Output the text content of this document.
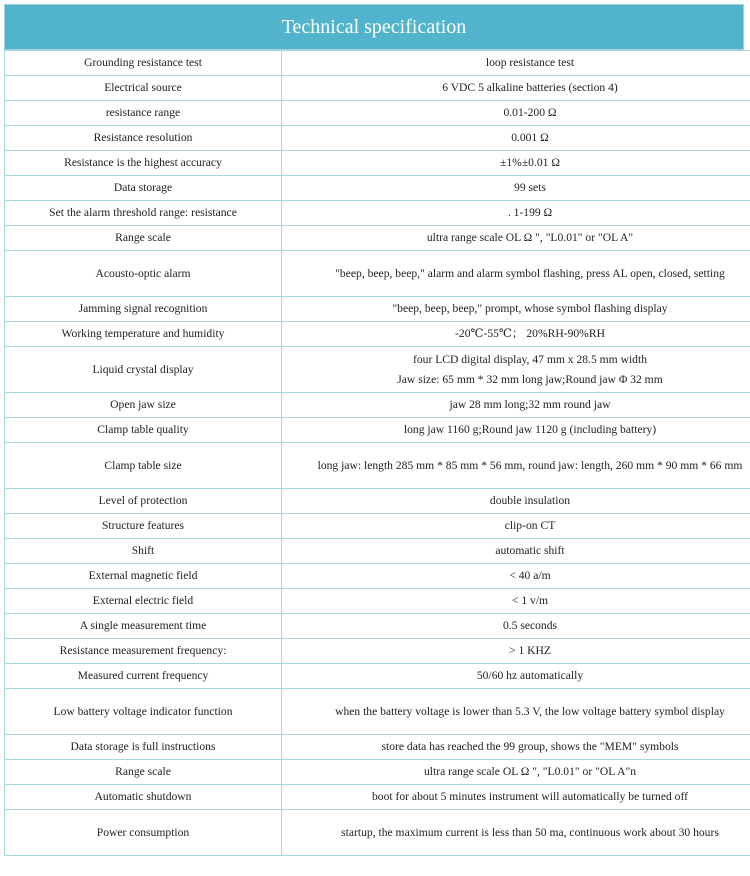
Technical specification
Grounding resistance test	loop resistance test
Electrical source	6 VDC 5 alkaline batteries (section 4)
resistance range	0.01-200 Ω
Resistance resolution	0.001 Ω
Resistance is the highest accuracy	±1%±0.01 Ω
Data storage	99 sets
Set the alarm threshold range: resistance	. 1-199 Ω
Range scale	ultra range scale OL Ω ", "L0.01" or "OL A"
Acousto-optic alarm	"beep, beep, beep," alarm and alarm symbol flashing, press AL open, closed, setting
Jamming signal recognition	"beep, beep, beep," prompt, whose symbol flashing display
Working temperature and humidity	-20℃-55℃； 20%RH-90%RH
Liquid crystal display	four LCD digital display, 47 mm x 28.5 mm width
Jaw size: 65 mm * 32 mm long jaw;Round jaw Φ 32 mm
Open jaw size	jaw 28 mm long;32 mm round jaw
Clamp table quality	long jaw 1160 g;Round jaw 1120 g (including battery)
Clamp table size	long jaw: length 285 mm * 85 mm * 56 mm, round jaw: length, 260 mm * 90 mm * 66 mm
Level of protection	double insulation
Structure features	clip-on CT
Shift	automatic shift
External magnetic field	< 40 a/m
External electric field	< 1 v/m
A single measurement time	0.5 seconds
Resistance measurement frequency:	> 1 KHZ
Measured current frequency	50/60 hz automatically
Low battery voltage indicator function	when the battery voltage is lower than 5.3 V, the low voltage battery symbol display
Data storage is full instructions	store data has reached the 99 group, shows the "MEM" symbols
Range scale	ultra range scale OL Ω ", "L0.01" or "OL A"n
Automatic shutdown	boot for about 5 minutes instrument will automatically be turned off
Power consumption	startup, the maximum current is less than 50 ma, continuous work about 30 hours
